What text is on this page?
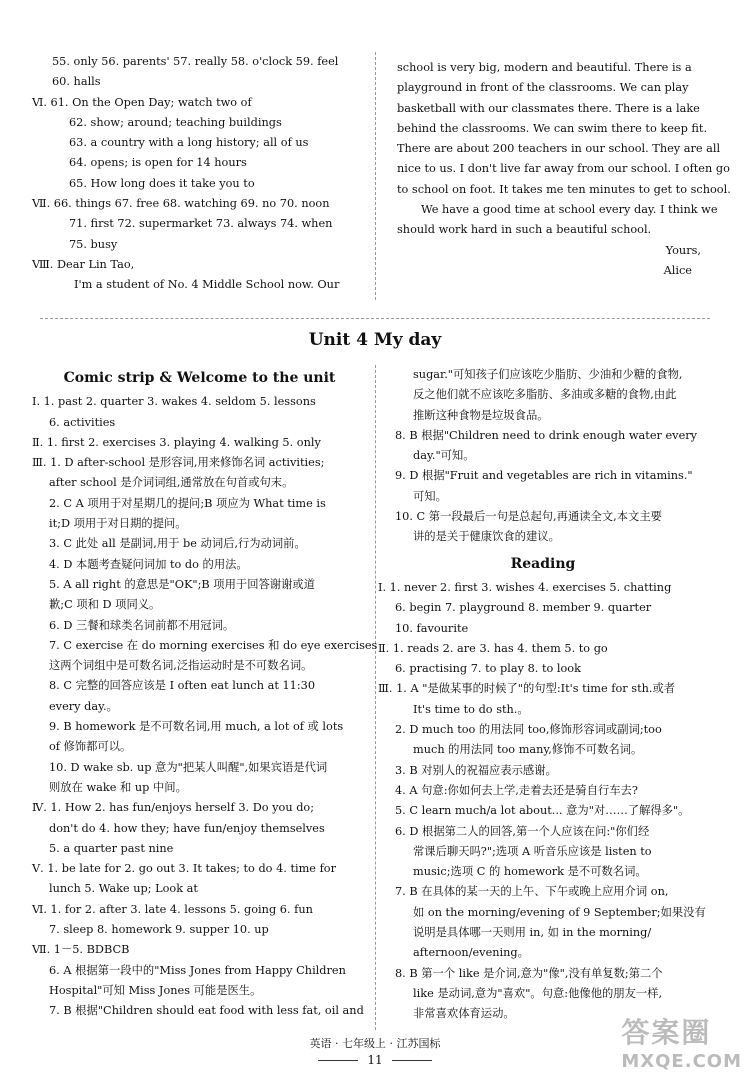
55. only 56. parents' 57. really 58. o'clock 59. feel

60. halls

Ⅵ. 61. On the Open Day; watch two of

62. show; around; teaching buildings

63. a country with a long history; all of us

64. opens; is open for 14 hours

65. How long does it take you to

Ⅶ. 66. things 67. free 68. watching 69. no 70. noon

71. first 72. supermarket 73. always 74. when

75. busy

Ⅷ. Dear Lin Tao,

I'm a student of No. 4 Middle School now. Our

school is very big, modern and beautiful. There is a

playground in front of the classrooms. We can play

basketball with our classmates there. There is a lake

behind the classrooms. We can swim there to keep fit.

There are about 200 teachers in our school. They are all

nice to us. I don't live far away from our school. I often go

to school on foot. It takes me ten minutes to get to school.

We have a good time at school every day. I think we

should work hard in such a beautiful school.

Yours,

Alice

Unit 4 My day

Comic strip & Welcome to the unit

Ⅰ. 1. past 2. quarter 3. wakes 4. seldom 5. lessons

6. activities

Ⅱ. 1. first 2. exercises 3. playing 4. walking 5. only

Ⅲ. 1. D after-school 是形容词,用来修饰名词 activities;

after school 是介词词组,通常放在句首或句末。

2. C A 项用于对星期几的提问;B 项应为 What time is

it;D 项用于对日期的提问。

3. C 此处 all 是副词,用于 be 动词后,行为动词前。

4. D 本题考查疑问词加 to do 的用法。

5. A all right 的意思是"OK";B 项用于回答谢谢或道

歉;C 项和 D 项同义。

6. D 三餐和球类名词前都不用冠词。

7. C exercise 在 do morning exercises 和 do eye exercises

这两个词组中是可数名词,泛指运动时是不可数名词。

8. C 完整的回答应该是 I often eat lunch at 11:30

every day.。

9. B homework 是不可数名词,用 much, a lot of 或 lots

of 修饰都可以。

10. D wake sb. up 意为"把某人叫醒",如果宾语是代词

则放在 wake 和 up 中间。

Ⅳ. 1. How 2. has fun/enjoys herself 3. Do you do;

don't do 4. how they; have fun/enjoy themselves

5. a quarter past nine

Ⅴ. 1. be late for 2. go out 3. It takes; to do 4. time for

lunch 5. Wake up; Look at

Ⅵ. 1. for 2. after 3. late 4. lessons 5. going 6. fun

7. sleep 8. homework 9. supper 10. up

Ⅶ. 1－5. BDBCB

6. A 根据第一段中的"Miss Jones from Happy Children

Hospital"可知 Miss Jones 可能是医生。

7. B 根据"Children should eat food with less fat, oil and

sugar."可知孩子们应该吃少脂肪、少油和少糖的食物,

反之他们就不应该吃多脂肪、多油或多糖的食物,由此

推断这种食物是垃圾食品。

8. B 根据"Children need to drink enough water every

day."可知。

9. D 根据"Fruit and vegetables are rich in vitamins."

可知。

10. C 第一段最后一句是总起句,再通读全文,本文主要

讲的是关于健康饮食的建议。

Reading

Ⅰ. 1. never 2. first 3. wishes 4. exercises 5. chatting

6. begin 7. playground 8. member 9. quarter

10. favourite

Ⅱ. 1. reads 2. are 3. has 4. them 5. to go

6. practising 7. to play 8. to look

Ⅲ. 1. A "是做某事的时候了"的句型:It's time for sth.或者

It's time to do sth.。

2. D much too 的用法同 too,修饰形容词或副词;too

much 的用法同 too many,修饰不可数名词。

3. B 对别人的祝福应表示感谢。

4. A 句意:你如何去上学,走着去还是骑自行车去?

5. C learn much/a lot about... 意为"对……了解得多"。

6. D 根据第二人的回答,第一个人应该在问:"你们经

常课后聊天吗?";选项 A 听音乐应该是 listen to

music;选项 C 的 homework 是不可数名词。

7. B 在具体的某一天的上午、下午或晚上应用介词 on,

如 on the morning/evening of 9 September;如果没有

说明是具体哪一天则用 in, 如 in the morning/

afternoon/evening。

8. B 第一个 like 是介词,意为"像",没有单复数;第二个

like 是动词,意为"喜欢"。句意:他像他的朋友一样,

非常喜欢体育运动。

英语 · 七年级上 · 江苏国标
11
答案圈
MXQE.COM
